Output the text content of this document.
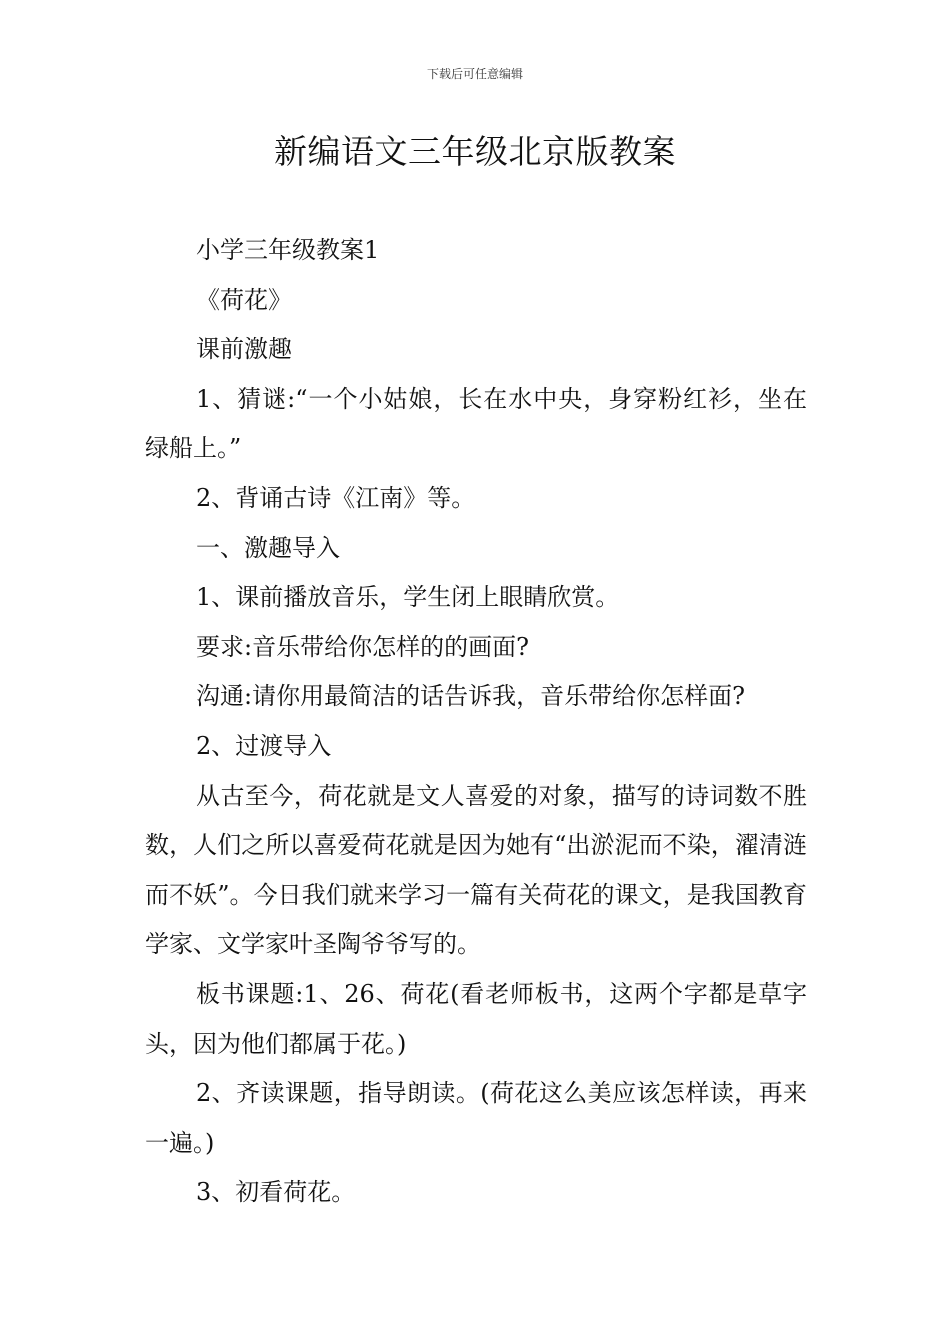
下载后可任意编辑
新编语文三年级北京版教案

小学三年级教案1

《荷花》

课前激趣

1、猜谜:“一个小姑娘，长在水中央，身穿粉红衫，坐在绿船上。”

2、背诵古诗《江南》等。

一、激趣导入

1、课前播放音乐，学生闭上眼睛欣赏。

要求:音乐带给你怎样的的画面?

沟通:请你用最简洁的话告诉我，音乐带给你怎样面?

2、过渡导入

从古至今，荷花就是文人喜爱的对象，描写的诗词数不胜数，人们之所以喜爱荷花就是因为她有“出淤泥而不染，濯清涟而不妖”。今日我们就来学习一篇有关荷花的课文，是我国教育学家、文学家叶圣陶爷爷写的。

板书课题:1、26、荷花(看老师板书，这两个字都是草字头，因为他们都属于花。)

2、齐读课题，指导朗读。(荷花这么美应该怎样读，再来一遍。)

3、初看荷花。
